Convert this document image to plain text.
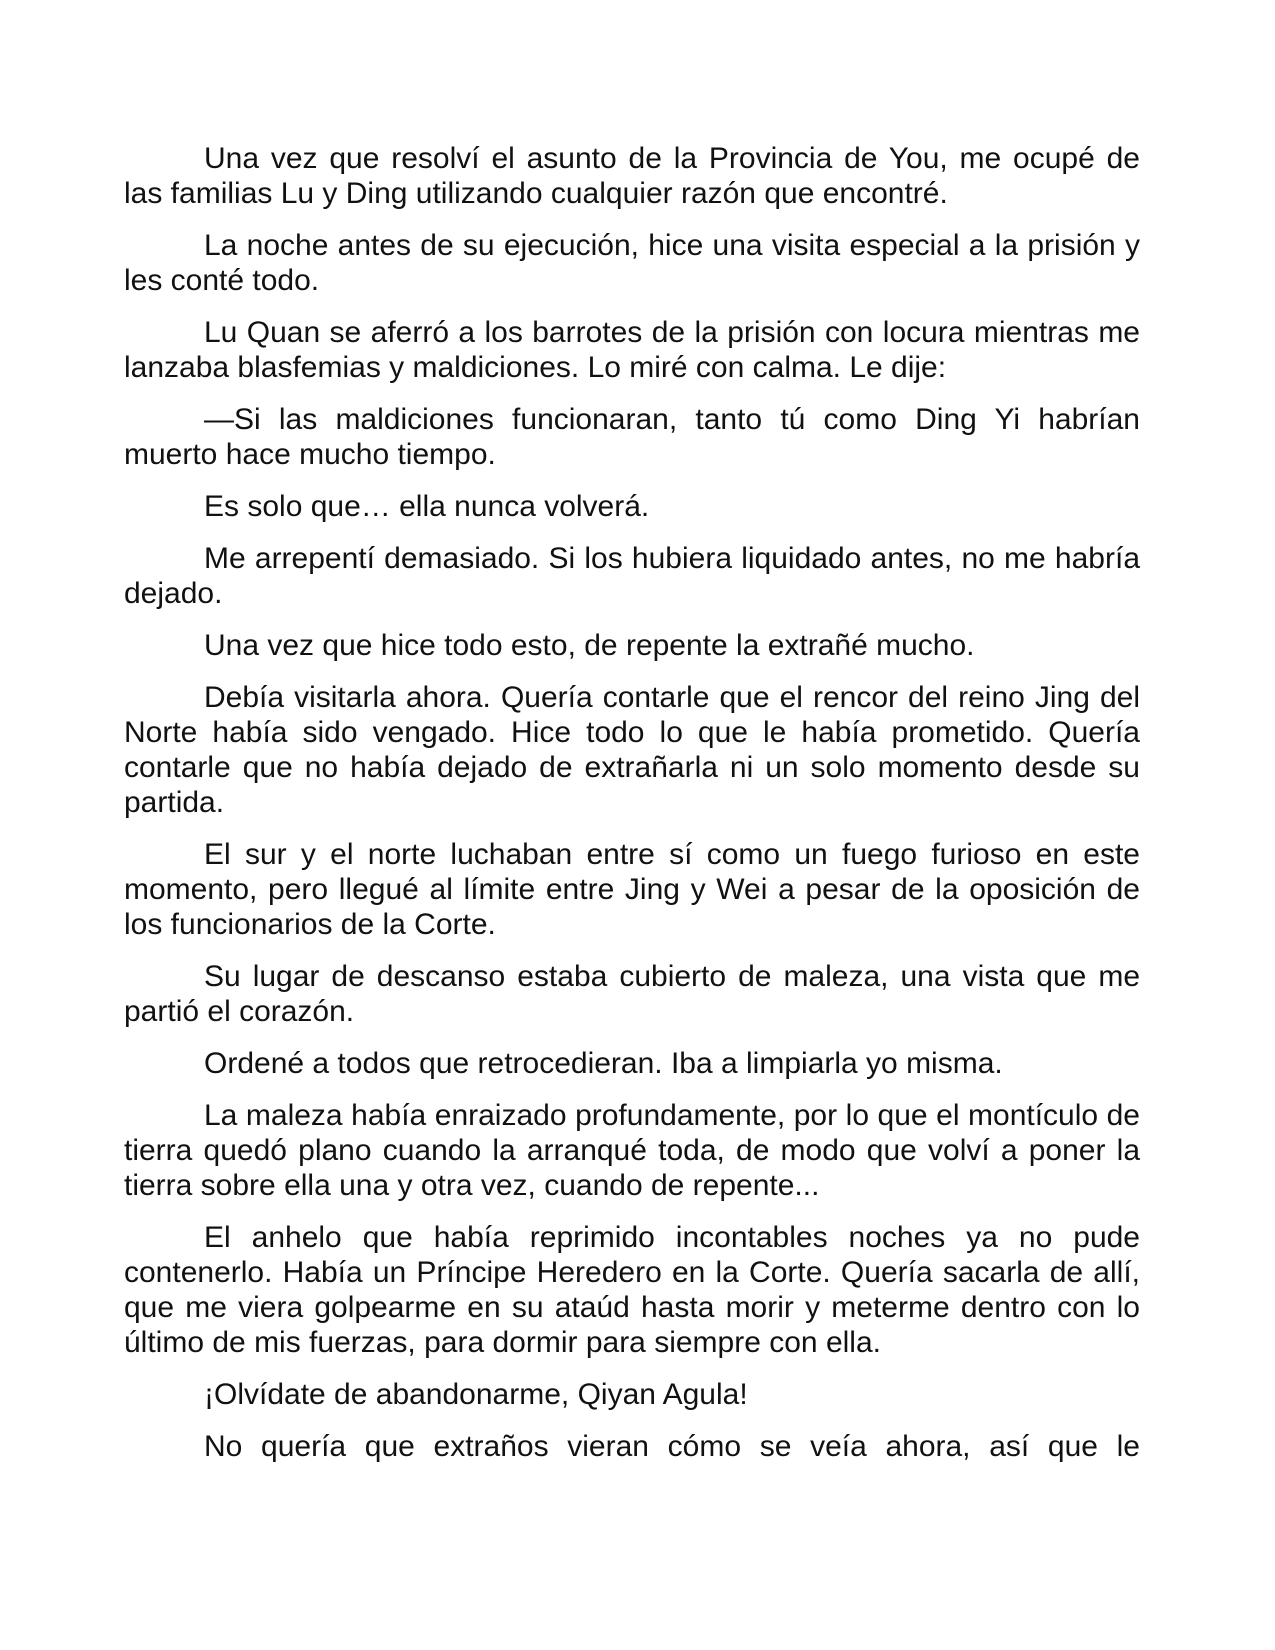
Una vez que resolví el asunto de la Provincia de You, me ocupé de las familias Lu y Ding utilizando cualquier razón que encontré.

La noche antes de su ejecución, hice una visita especial a la prisión y les conté todo.

Lu Quan se aferró a los barrotes de la prisión con locura mientras me lanzaba blasfemias y maldiciones. Lo miré con calma. Le dije:

—Si las maldiciones funcionaran, tanto tú como Ding Yi habrían muerto hace mucho tiempo.

Es solo que… ella nunca volverá.

Me arrepentí demasiado. Si los hubiera liquidado antes, no me habría dejado.

Una vez que hice todo esto, de repente la extrañé mucho.

Debía visitarla ahora. Quería contarle que el rencor del reino Jing del Norte había sido vengado. Hice todo lo que le había prometido. Quería contarle que no había dejado de extrañarla ni un solo momento desde su partida.

El sur y el norte luchaban entre sí como un fuego furioso en este momento, pero llegué al límite entre Jing y Wei a pesar de la oposición de los funcionarios de la Corte.

Su lugar de descanso estaba cubierto de maleza, una vista que me partió el corazón.

Ordené a todos que retrocedieran. Iba a limpiarla yo misma.

La maleza había enraizado profundamente, por lo que el montículo de tierra quedó plano cuando la arranqué toda, de modo que volví a poner la tierra sobre ella una y otra vez, cuando de repente...

El anhelo que había reprimido incontables noches ya no pude contenerlo. Había un Príncipe Heredero en la Corte. Quería sacarla de allí, que me viera golpearme en su ataúd hasta morir y meterme dentro con lo último de mis fuerzas, para dormir para siempre con ella.

¡Olvídate de abandonarme, Qiyan Agula!

No quería que extraños vieran cómo se veía ahora, así que le
